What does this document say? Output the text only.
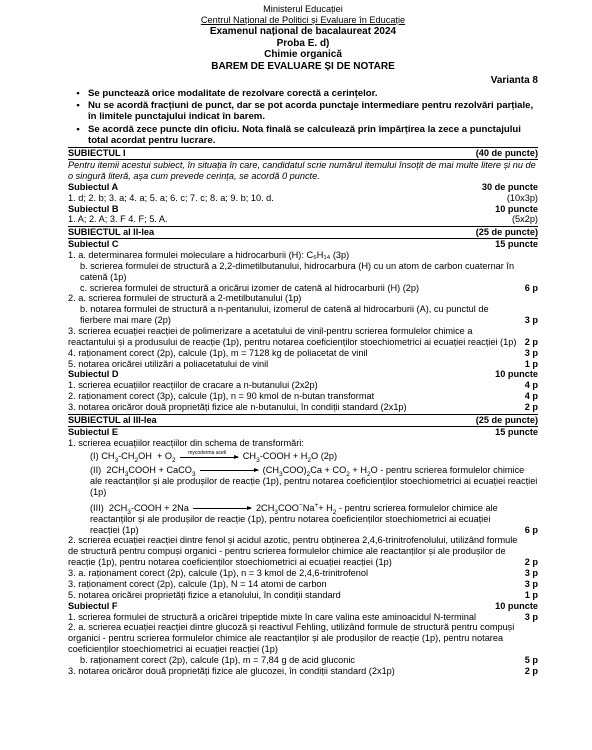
Ministerul Educației
Centrul Național de Politici și Evaluare în Educație
Examenul național de bacalaureat 2024
Proba E. d)
Chimie organică
BAREM DE EVALUARE ȘI DE NOTARE
Varianta 8
• Se punctează orice modalitate de rezolvare corectă a cerințelor.
• Nu se acordă fracțiuni de punct, dar se pot acorda punctaje intermediare pentru rezolvări parțiale, în limitele punctajului indicat în barem.
• Se acordă zece puncte din oficiu. Nota finală se calculează prin împărțirea la zece a punctajului total acordat pentru lucrare.
SUBIECTUL I	(40 de puncte)
Pentru itemii acestui subiect, în situația în care, candidatul scrie numărul itemului însoțit de mai multe litere și nu de o singură literă, așa cum prevede cerința, se acordă 0 puncte.
Subiectul A	30 de puncte
1. d; 2. b; 3. a; 4. a; 5. a; 6. c; 7. c; 8. a; 9. b; 10. d.	(10x3p)
Subiectul B	10 puncte
1. A; 2. A; 3. F 4. F; 5. A.	(5x2p)
SUBIECTUL al II-lea	(25 de puncte)
Subiectul C	15 puncte
1. a. determinarea formulei moleculare a hidrocarburii (H): C₆H₁₄ (3p)
b. scrierea formulei de structură a 2,2-dimetilbutanului, hidrocarbura (H) cu un atom de carbon cuaternar în catenă (1p)
c. scrierea formulei de structură a oricărui izomer de catenă al hidrocarburii (H) (2p)	6 p
2. a. scrierea formulei de structură a 2-metilbutanului (1p)
b. notarea formulei de structură a n-pentanului, izomerul de catenă al hidrocarburii (A), cu punctul de fierbere mai mare (2p)	3 p
3. scrierea ecuației reacției de polimerizare a acetatului de vinil-pentru scrierea formulelor chimice a reactantului și a produsului de reacție (1p), pentru notarea coeficienților stoechiometrici ai ecuației reacției (1p) 2 p
4. raționament corect (2p), calcule (1p), m = 7128 kg de poliacetat de vinil	3 p
5. notarea oricărei utilizări a poliacetatului de vinil	1 p
Subiectul D	10 puncte
1. scrierea ecuațiilor reacțiilor de cracare a n-butanului (2x2p)	4 p
2. raționament corect (3p), calcule (1p), n = 90 kmol de n-butan transformat	4 p
3. notarea oricăror două proprietăți fizice ale n-butanului, în condiții standard (2x1p)	2 p
SUBIECTUL al III-lea	(25 de puncte)
Subiectul E	15 puncte
1. scrierea ecuațiilor reacțiilor din schema de transformări:
(I) $CH_3-CH_2OH + O_2$
mycoderma aceti $CH_3$-COOH + $H_2O$ (2p)
(II)  $2CH_3COOH$ + CaCO$_3$	$(CH_3COO)_2Ca + CO_2 + H_2O$ - pentru scrierea formulelor chimice ale reactanților și ale produșilor de reacție (1p), pentru notarea coeficienților stoechiometrici ai ecuației reacției (1p)
(III)  $2CH_3$-COOH + 2Na	$2CH_3COO^-Na^++ H_2$ - pentru scrierea formulelor chimice ale reactanților și ale produșilor de reacție (1p), pentru notarea coeficienților stoechiometrici ai ecuației reacției (1p)	6 p
2. scrierea ecuației reacției dintre fenol și acidul azotic, pentru obținerea 2,4,6-trinitrofenolului, utilizând formule de structură pentru compuși organici - pentru scrierea formulelor chimice ale reactanților și ale produșilor de reacție (1p), pentru notarea coeficienților stoechiometrici ai ecuației reacției (1p)	2 p
3. a. raționament corect (2p), calcule (1p), n = 3 kmol de 2,4,6-trinitrofenol	3 p
3. raționament corect (2p), calcule (1p), N = 14 atomi de carbon	3 p
5. notarea oricărei proprietăți fizice a etanolului, în condiții standard	1 p
Subiectul F	10 puncte
1. scrierea formulei de structură a oricărei tripeptide mixte în care valina este aminoacidul N-terminal	3 p
2. a. scrierea ecuației reacției dintre glucoză și reactivul Fehling, utilizând formule de structură pentru compuși organici - pentru scrierea formulelor chimice ale reactanților și ale produșilor de reacție (1p), pentru notarea coeficienților stoechiometrici ai ecuației reacției (1p)
b. raționament corect (2p), calcule (1p), m = 7,84 g de acid gluconic	5 p
3. notarea oricăror două proprietăți fizice ale glucozei, în condiții standard (2x1p)	2 p
